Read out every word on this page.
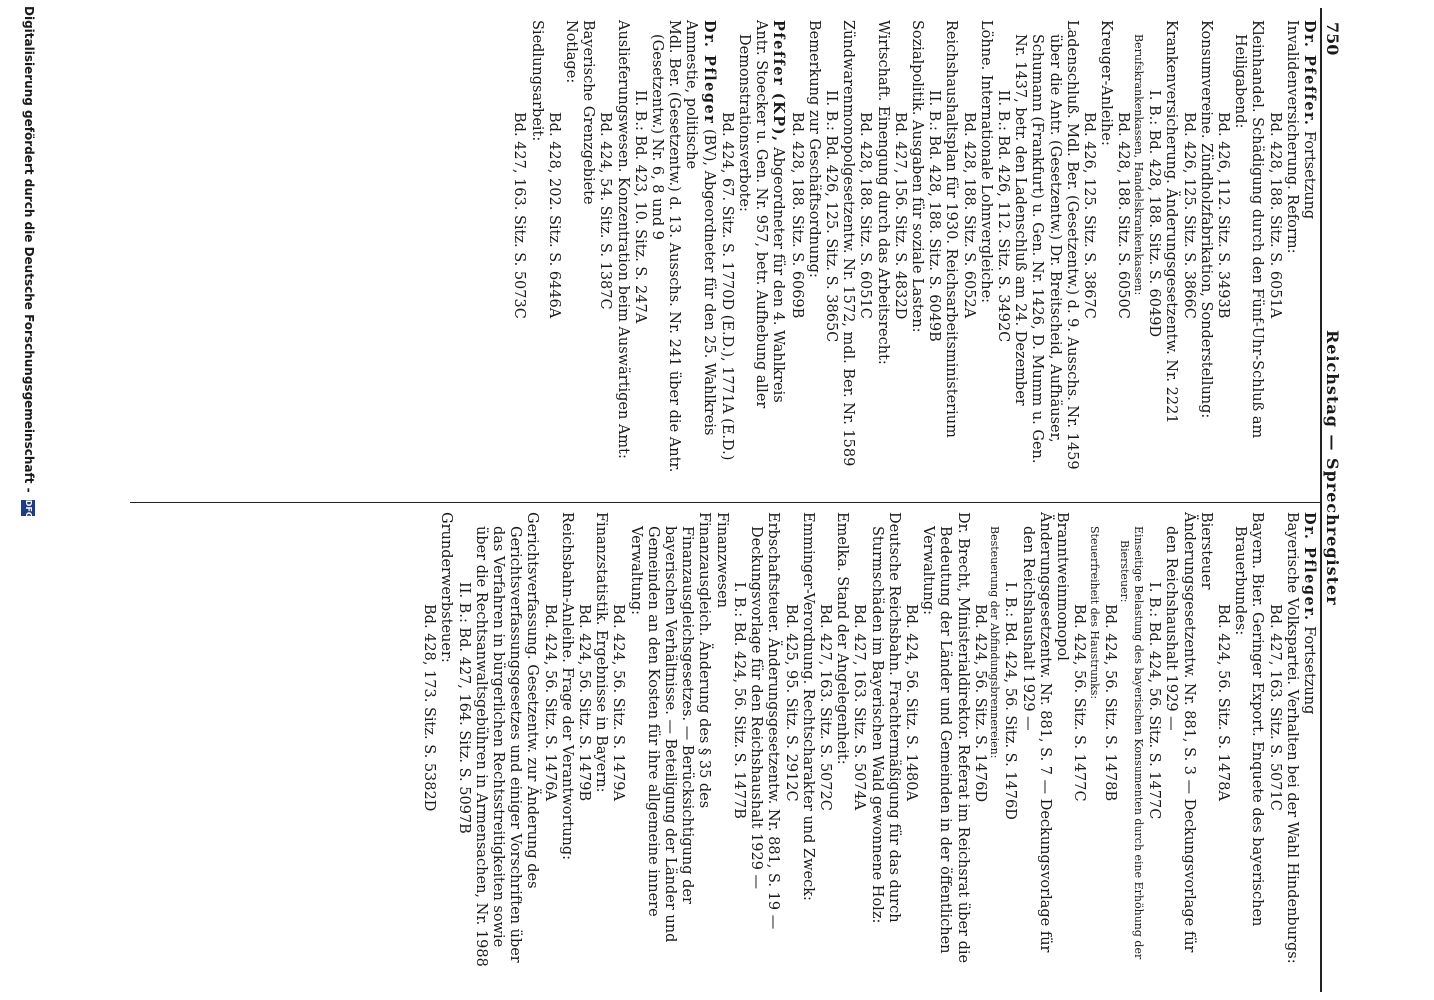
750
Reichstag — Sprechregister

Dr. Pfeffer. Fortsetzung

Invalidenversicherung. Reform:

Bd. 428, 188. Sitz. S. 6051A

Kleinhandel. Schädigung durch den Fünf-Uhr-Schluß am Heiligabend:

Bd. 426, 112. Sitz. S. 3493B

Konsumvereine. Zündholzfabrikation, Sonderstellung:

Bd. 426, 125. Sitz. S. 3866C

Krankenversicherung. Änderungsgesetzentw. Nr. 2221

I. B.: Bd. 428, 188. Sitz. S. 6049D

Berufskrankenkassen, Handelskrankenkassen:

Bd. 428, 188. Sitz. S. 6050C

Kreuger-Anleihe:

Bd. 426, 125. Sitz. S. 3867C

Ladenschluß. Mdl. Ber. (Gesetzentw.) d. 9. Ausschs. Nr. 1459 über die Antr. (Gesetzentw.) Dr. Breitscheid, Aufhäuser, Schumann (Frankfurt) u. Gen. Nr. 1426, D. Mumm u. Gen. Nr. 1437, betr. den Ladenschluß am 24. Dezember

II. B.: Bd. 426, 112. Sitz. S. 3492C

Löhne. Internationale Lohnvergleiche:

Bd. 428, 188. Sitz. S. 6052A

Reichshaushaltsplan für 1930. Reichsarbeitsministerium

II. B.: Bd. 428, 188. Sitz. S. 6049B

Sozialpolitik. Ausgaben für soziale Lasten:

Bd. 427, 156. Sitz. S. 4832D

Wirtschaft. Einengung durch das Arbeitsrecht:

Bd. 428, 188. Sitz. S. 6051C

Zündwarenmonopolgesetzentw. Nr. 1572, mdl. Ber. Nr. 1589

II. B.: Bd. 426, 125. Sitz. S. 3865C

Bemerkung zur Geschäftsordnung:

Bd. 428, 188. Sitz. S. 6069B

Pfeffer (KP), Abgeordneter für den 4. Wahlkreis

Antr. Stoecker u. Gen. Nr. 957, betr. Aufhebung aller Demonstrationsverbote:

Bd. 424, 67. Sitz. S. 1770D (E.D.), 1771A (E.D.)

Dr. Pfleger (BV), Abgeordneter für den 25. Wahlkreis

Amnestie, politische

Mdl. Ber. (Gesetzentw.) d. 13. Ausschs. Nr. 241 über die Antr. (Gesetzentw.) Nr. 6, 8 und 9

II. B.: Bd. 423, 10. Sitz. S. 247A

Auslieferungswesen. Konzentration beim Auswärtigen Amt:

Bd. 424, 54. Sitz. S. 1387C

Bayerische Grenzgebiete

Notlage:

Bd. 428, 202. Sitz. S. 6446A

Siedlungsarbeit:

Bd. 427, 163. Sitz. S. 5073C

Dr. Pfleger. Fortsetzung

Bayerische Volkspartei. Verhalten bei der Wahl Hindenburgs:

Bd. 427, 163. Sitz. S. 5071C

Bayern. Bier. Geringer Export. Enquete des bayerischen Brauerbundes:

Bd. 424, 56. Sitz. S. 1478A

Biersteuer

Änderungsgesetzentw. Nr. 881, S. 3 — Deckungsvorlage für den Reichshaushalt 1929 —

I. B.: Bd. 424, 56. Sitz. S. 1477C

Einseitige Belastung des bayerischen Konsumenten durch eine Erhöhung der Biersteuer:

Bd. 424, 56. Sitz. S. 1478B

Steuerfreiheit des Haustrunks:

Bd. 424, 56. Sitz. S. 1477C

Branntweinmonopol

Änderungsgesetzentw. Nr. 881, S. 7 — Deckungsvorlage für den Reichshaushalt 1929 —

I. B.: Bd. 424, 56. Sitz. S. 1476D

Besteuerung der Abfindungsbrennereien:

Bd. 424, 56. Sitz. S. 1476D

Dr. Brecht, Ministerialdirektor. Referat im Reichsrat über die Bedeutung der Länder und Gemeinden in der öffentlichen Verwaltung:

Bd. 424, 56. Sitz. S. 1480A

Deutsche Reichsbahn. Frachtermäßigung für das durch Sturmschäden im Bayerischen Wald gewonnene Holz:

Bd. 427, 163. Sitz. S. 5074A

Emelka. Stand der Angelegenheit:

Bd. 427, 163. Sitz. S. 5072C

Emminger-Verordnung. Rechtscharakter und Zweck:

Bd. 425, 95. Sitz. S. 2912C

Erbschaftsteuer. Änderungsgesetzentw. Nr. 881, S. 19 — Deckungsvorlage für den Reichshaushalt 1929 —

I. B.: Bd. 424, 56. Sitz. S. 1477B

Finanzwesen

Finanzausgleich. Änderung des § 35 des Finanzausgleichsgesetzes. — Berücksichtigung der bayerischen Verhältnisse. — Beteiligung der Länder und Gemeinden an den Kosten für ihre allgemeine innere Verwaltung:

Bd. 424, 56. Sitz. S. 1479A

Finanzstatistik. Ergebnisse in Bayern:

Bd. 424, 56. Sitz. S. 1479B

Reichsbahn-Anleihe. Frage der Verantwortung:

Bd. 424, 56. Sitz. S. 1476A

Gerichtsverfassung. Gesetzentw. zur Änderung des Gerichtsverfassungsgesetzes und einiger Vorschriften über das Verfahren in bürgerlichen Rechtsstreitigkeiten sowie über die Rechtsanwaltsgebühren in Armensachen, Nr. 1988

II. B.: Bd. 427, 164. Sitz. S. 5097B

Grunderwerbsteuer:

Bd. 428, 173. Sitz. S. 5382D

Digitalisierung gefördert durch die Deutsche Forschungsgemeinschaft - DFG
